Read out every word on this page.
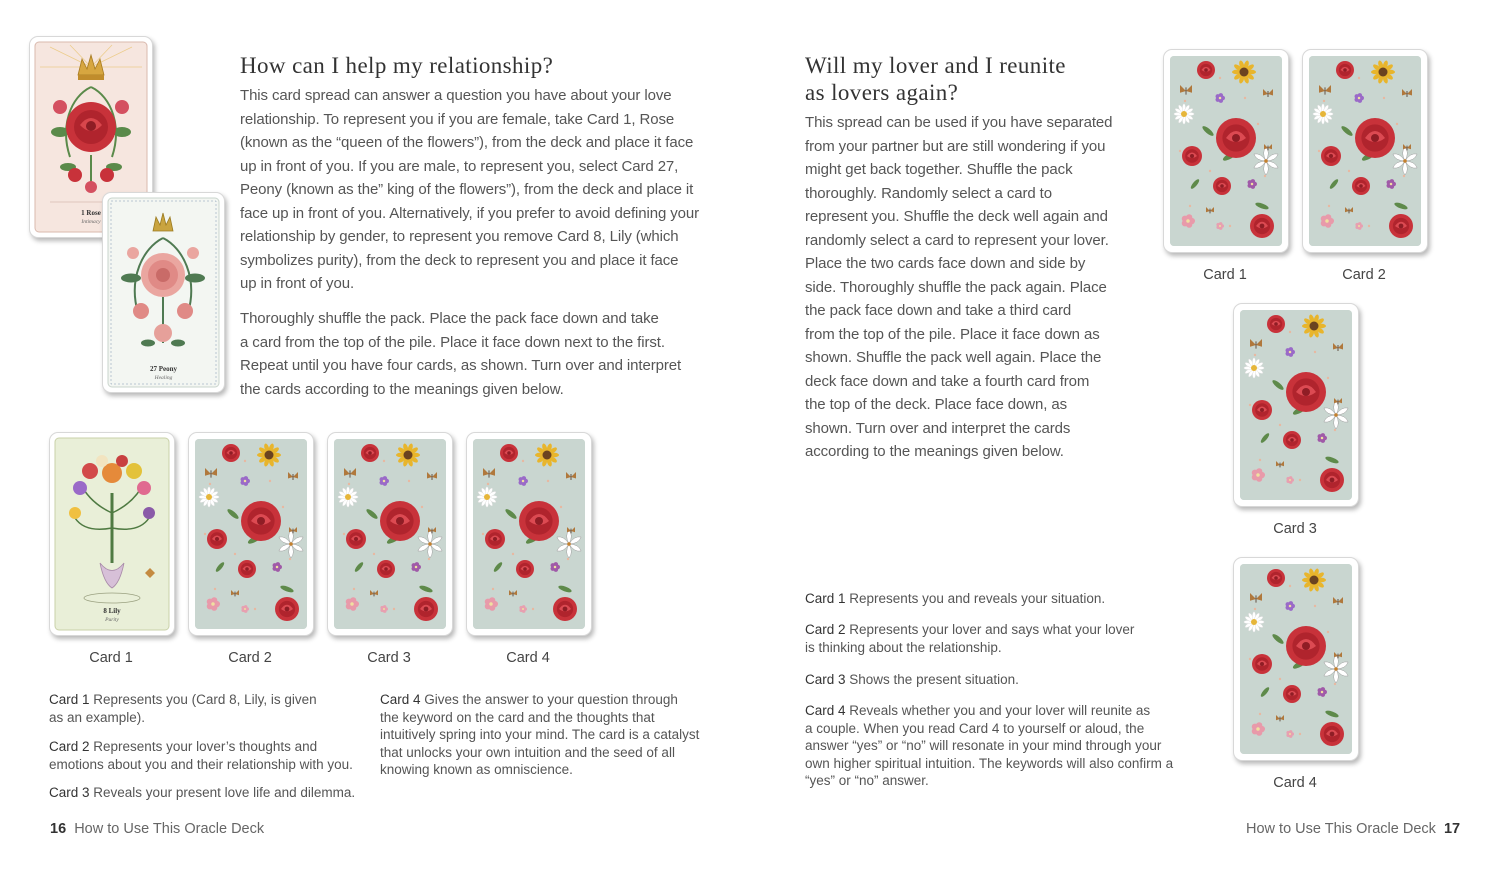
1 Rose
Intimacy
27 Peony
Healing
How can I help my relationship?

This card spread can answer a question you have about your love

relationship. To represent you if you are female, take Card 1, Rose

(known as the “queen of the flowers”), from the deck and place it face

up in front of you. If you are male, to represent you, select Card 27,

Peony (known as the” king of the flowers”), from the deck and place it

face up in front of you. Alternatively, if you prefer to avoid defining your

relationship by gender, to represent you remove Card 8, Lily (which

symbolizes purity), from the deck to represent you and place it face

up in front of you.

Thoroughly shuffle the pack. Place the pack face down and take

a card from the top of the pile. Place it face down next to the first.

Repeat until you have four cards, as shown. Turn over and interpret

the cards according to the meanings given below.

8 Lily
Purity
Card 1	Card 2	Card 3	Card 4

Card 1 Represents you (Card 8, Lily, is given

as an example).

Card 2 Represents your lover’s thoughts and

emotions about you and their relationship with you.

Card 3 Reveals your present love life and dilemma.

Card 4 Gives the answer to your question through

the keyword on the card and the thoughts that

intuitively spring into your mind. The card is a catalyst

that unlocks your own intuition and the seed of all

knowing known as omniscience.

16 How to Use This Oracle Deck
Will my lover and I reunite
as lovers again?

This spread can be used if you have separated

from your partner but are still wondering if you

might get back together. Shuffle the pack

thoroughly. Randomly select a card to

represent you. Shuffle the deck well again and

randomly select a card to represent your lover.

Place the two cards face down and side by

side. Thoroughly shuffle the pack again. Place

the pack face down and take a third card

from the top of the pile. Place it face down as

shown. Shuffle the pack well again. Place the

deck face down and take a fourth card from

the top of the deck. Place face down, as

shown. Turn over and interpret the cards

according to the meanings given below.

Card 1	Card 2
Card 3
Card 4

Card 1 Represents you and reveals your situation.

Card 2 Represents your lover and says what your lover

is thinking about the relationship.

Card 3 Shows the present situation.

Card 4 Reveals whether you and your lover will reunite as

a couple. When you read Card 4 to yourself or aloud, the

answer “yes” or “no” will resonate in your mind through your

own higher spiritual intuition. The keywords will also confirm a

“yes” or “no” answer.

How to Use This Oracle Deck 17
